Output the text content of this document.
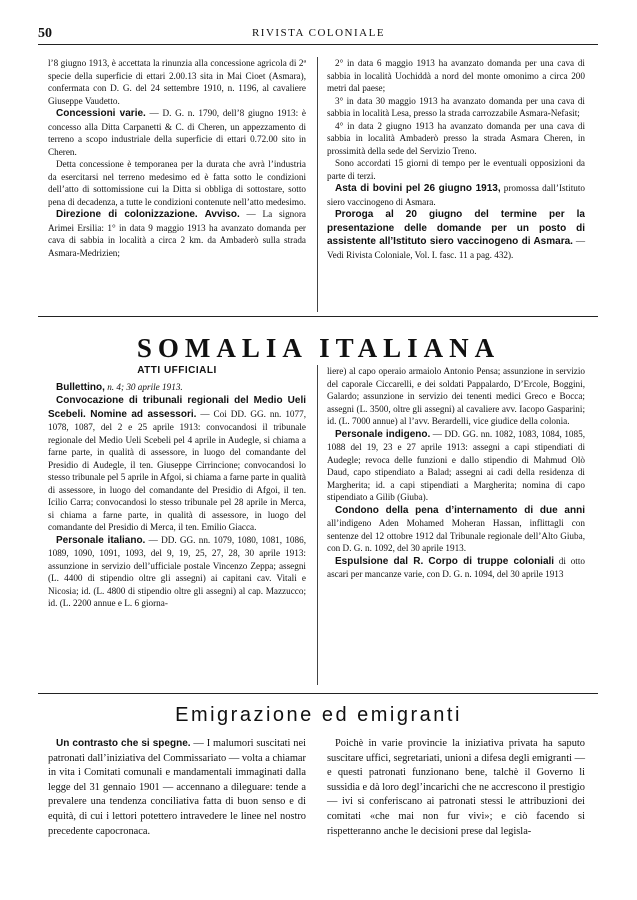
50	RIVISTA COLONIALE

l’8 giugno 1913, è accettata la rinunzia alla concessione agricola di 2ª specie della superficie di ettari 2.00.13 sita in Mai Cioet (Asmara), confermata con D. G. del 24 settembre 1910, n. 1196, al cavaliere Giuseppe Vaudetto.

Concessioni varie. — D. G. n. 1790, dell’8 giugno 1913: è concesso alla Ditta Carpanetti & C. di Cheren, un appezzamento di terreno a scopo industriale della superficie di ettari 0.72.00 sito in Cheren.

Detta concessione è temporanea per la durata che avrà l’industria da esercitarsi nel terreno medesimo ed è fatta sotto le condizioni dell’atto di sottomissione cui la Ditta si obbliga di sottostare, sotto pena di decadenza, a tutte le condizioni contenute nell’atto medesimo.

Direzione di colonizzazione. Avviso. — La signora Arimei Ersilia: 1° in data 9 maggio 1913 ha avanzato domanda per cava di sabbia in località a circa 2 km. da Ambaderò sulla strada Asmara-Medrizien;

2° in data 6 maggio 1913 ha avanzato domanda per una cava di sabbia in località Uochiddà a nord del monte omonimo a circa 200 metri dal paese;

3° in data 30 maggio 1913 ha avanzato domanda per una cava di sabbia in località Lesa, presso la strada carrozzabile Asmara-Nefasit;

4° in data 2 giugno 1913 ha avanzato domanda per una cava di sabbia in località Ambaderò presso la strada Asmara Cheren, in prossimità della sede del Servizio Treno.

Sono accordati 15 giorni di tempo per le eventuali opposizioni da parte di terzi.

Asta di bovini pel 26 giugno 1913, promossa dall’Istituto siero vaccinogeno di Asmara.

Proroga al 20 giugno del termine per la presentazione delle domande per un posto di assistente all’Istituto siero vaccinogeno di Asmara. — Vedi Rivista Coloniale, Vol. I. fasc. 11 a pag. 432).

SOMALIA ITALIANA
ATTI UFFICIALI

Bullettino, n. 4; 30 aprile 1913.

Convocazione di tribunali regionali del Medio Ueli Scebeli. Nomine ad assessori. — Coi DD. GG. nn. 1077, 1078, 1087, del 2 e 25 aprile 1913: convocandosi il tribunale regionale del Medio Ueli Scebeli pel 4 aprile in Audegle, si chiama a farne parte, in qualità di assessore, in luogo del comandante del Presidio di Audegle, il ten. Giuseppe Cirrincione; convocandosi lo stesso tribunale pel 5 aprile in Afgoi, si chiama a farne parte in qualità di assessore, in luogo del comandante del Presidio di Afgoi, il ten. Icilio Carra; convocandosi lo stesso tribunale pel 28 aprile in Merca, si chiama a farne parte, in qualità di assessore, in luogo del comandante del Presidio di Merca, il ten. Emilio Giacca.

Personale italiano. — DD. GG. nn. 1079, 1080, 1081, 1086, 1089, 1090, 1091, 1093, del 9, 19, 25, 27, 28, 30 aprile 1913: assunzione in servizio dell’ufficiale postale Vincenzo Zeppa; assegni (L. 4400 di stipendio oltre gli assegni) ai capitani cav. Vitali e Nicosia; id. (L. 4800 di stipendio oltre gli assegni) al cap. Mazzucco; id. (L. 2200 annue e L. 6 giorna-

liere) al capo operaio armaiolo Antonio Pensa; assunzione in servizio del caporale Ciccarelli, e dei soldati Pappalardo, D’Ercole, Boggini, Galardo; assunzione in servizio dei tenenti medici Greco e Bocca; assegni (L. 3500, oltre gli assegni) al cavaliere avv. Iacopo Gasparini; id. (L. 7000 annue) al l’avv. Berardelli, vice giudice della colonia.

Personale indigeno. — DD. GG. nn. 1082, 1083, 1084, 1085, 1088 del 19, 23 e 27 aprile 1913: assegni a capi stipendiati di Audegle; revoca delle funzioni e dallo stipendio di Mahmud Olò Daud, capo stipendiato a Balad; assegni ai cadi della residenza di Margherita; id. a capi stipendiati a Margherita; nomina di capo stipendiato a Gilib (Giuba).

Condono della pena d’internamento di due anni all’indigeno Aden Mohamed Moheran Hassan, inflittagli con sentenze del 12 ottobre 1912 dal Tribunale regionale dell’Alto Giuba, con D. G. n. 1092, del 30 aprile 1913.

Espulsione dal R. Corpo di truppe coloniali di otto ascari per mancanze varie, con D. G. n. 1094, del 30 aprile 1913

Emigrazione ed emigranti

Un contrasto che si spegne. — I malumori suscitati nei patronati dall’iniziativa del Commissariato — volta a chiamar in vita i Comitati comunali e mandamentali immaginati dalla legge del 31 gennaio 1901 — accennano a dileguare: tende a prevalere una tendenza conciliativa fatta di buon senso e di equità, di cui i lettori potettero intravedere le linee nel nostro precedente capocronaca.

Poichè in varie provincie la iniziativa privata ha saputo suscitare uffici, segretariati, unioni a difesa degli emigranti — e questi patronati funzionano bene, talchè il Governo li sussidia e dà loro degl’incarichi che ne accrescono il prestigio — ivi si conferiscano ai patronati stessi le attribuzioni dei comitati «che mai non fur vivi»; e ciò facendo si rispetteranno anche le decisioni prese dal legisla-
